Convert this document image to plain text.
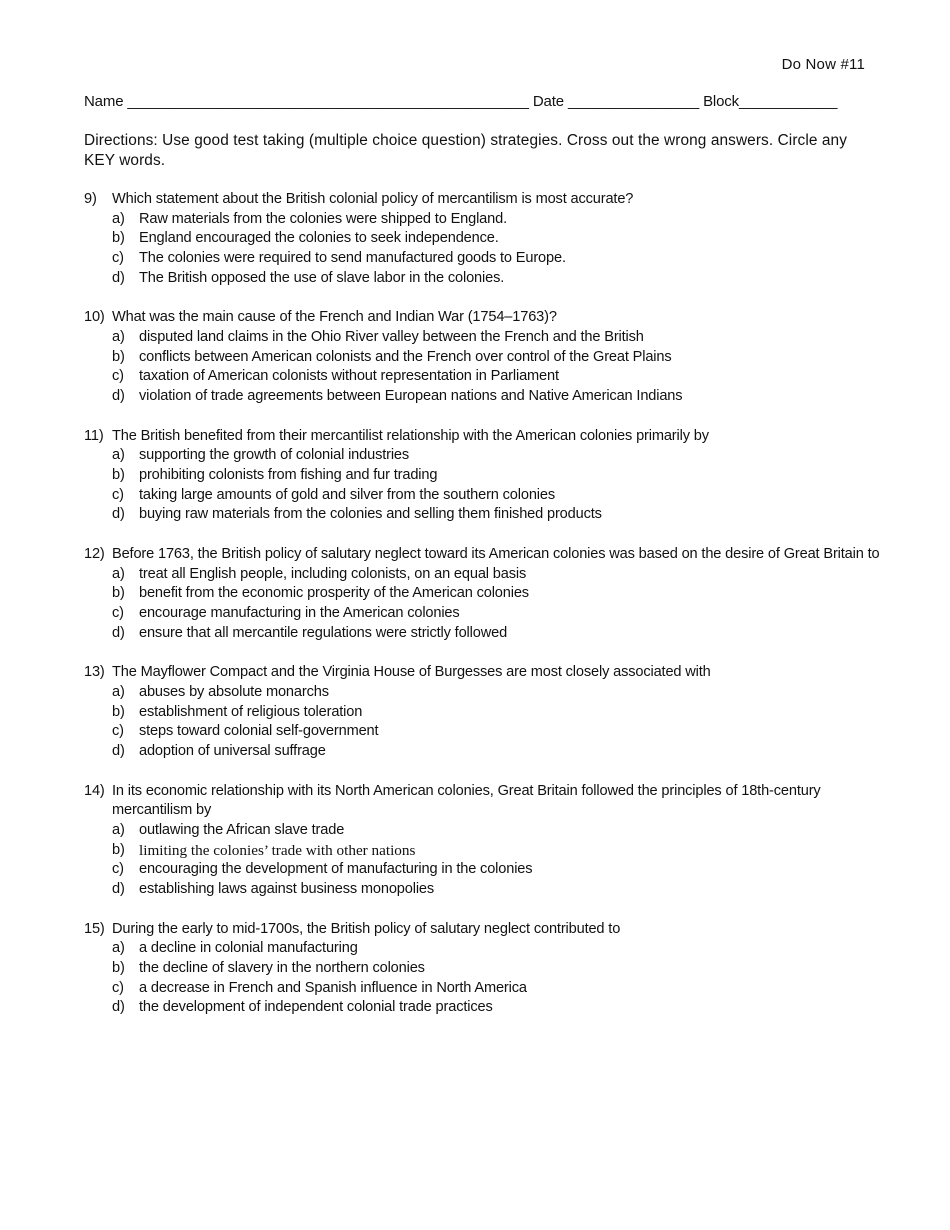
Do Now #11
Name _________________________________________________ Date ________________ Block____________
Directions: Use good test taking (multiple choice question) strategies. Cross out the wrong answers. Circle any KEY words.
9)	Which statement about the British colonial policy of mercantilism is most accurate?
a) Raw materials from the colonies were shipped to England.
b) England encouraged the colonies to seek independence.
c)	The colonies were required to send manufactured goods to Europe.
d) The British opposed the use of slave labor in the colonies.
10) What was the main cause of the French and Indian War (1754–1763)?
a) disputed land claims in the Ohio River valley between the French and the British
b) conflicts between American colonists and the French over control of the Great Plains
c)	taxation of American colonists without representation in Parliament
d) violation of trade agreements between European nations and Native American Indians
11) The British benefited from their mercantilist relationship with the American colonies primarily by
a) supporting the growth of colonial industries
b) prohibiting colonists from fishing and fur trading
c)	taking large amounts of gold and silver from the southern colonies
d) buying raw materials from the colonies and selling them finished products
12) Before 1763, the British policy of salutary neglect toward its American colonies was based on the desire of Great Britain to
a) treat all English people, including colonists, on an equal basis
b) benefit from the economic prosperity of the American colonies
c)	encourage manufacturing in the American colonies
d) ensure that all mercantile regulations were strictly followed
13) The Mayflower Compact and the Virginia House of Burgesses are most closely associated with
a) abuses by absolute monarchs
b) establishment of religious toleration
c)	steps toward colonial self-government
d) adoption of universal suffrage
14) In its economic relationship with its North American colonies, Great Britain followed the principles of 18th-century mercantilism by
a) outlawing the African slave trade
b) limiting the colonies’ trade with other nations
c)	encouraging the development of manufacturing in the colonies
d) establishing laws against business monopolies
15) During the early to mid-1700s, the British policy of salutary neglect contributed to
a) a decline in colonial manufacturing
b) the decline of slavery in the northern colonies
c)	a decrease in French and Spanish influence in North America
d) the development of independent colonial trade practices
